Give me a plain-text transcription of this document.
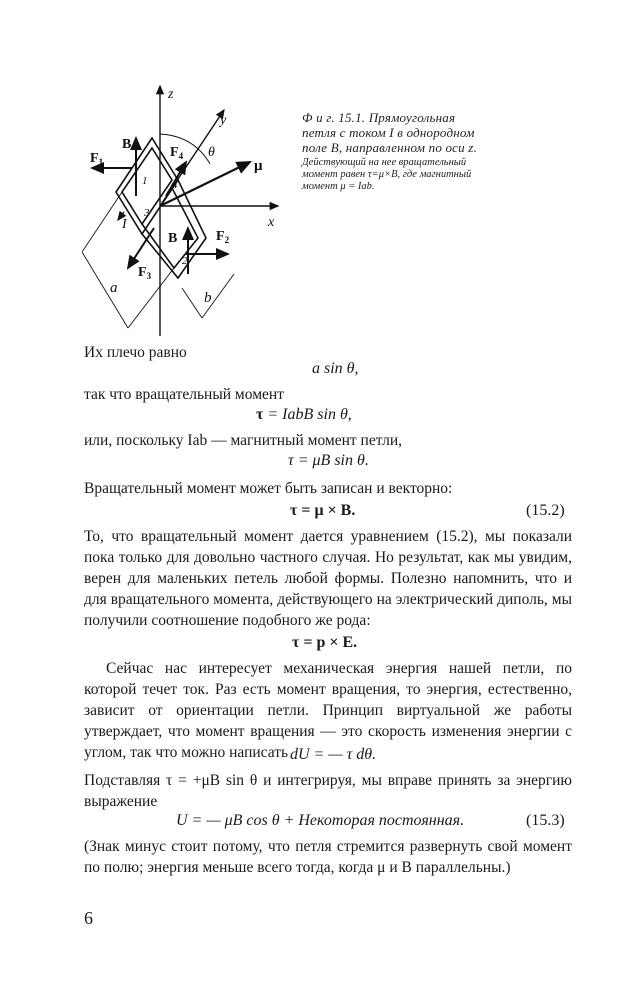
z
y
x
θ
μ
B
B
$F_1$
$F_2$
$F_3$
$F_4$
I
1
2
3
4
a
b
Ф и г. 15.1. Прямоугольная петля с током I в однородном поле B, направленном по оси z.
Действующий на нее вращательный момент равен τ=μ×B, где магнитный момент μ = Iab.
Их плечо равно
a sin θ,
так что вращательный момент
τ = IabB sin θ,
или, поскольку Iab — магнитный момент петли,
τ = μB sin θ.
Вращательный момент может быть записан и векторно:
τ = μ × B.	(15.2)
То, что вращательный момент дается уравнением (15.2), мы показали пока только для довольно частного случая. Но результат, как мы увидим, верен для маленьких петель любой формы. Полезно напомнить, что и для вращательного момента, действующего на электрический диполь, мы получили соотношение подобного же рода:
τ = p × E.
Сейчас нас интересует механическая энергия нашей петли, по которой течет ток. Раз есть момент вращения, то энергия, естественно, зависит от ориентации петли. Принцип виртуальной же работы утверждает, что момент вращения — это скорость изменения энергии с углом, так что можно написать dU = — τ dθ.
Подставляя τ = +μB sin θ и интегрируя, мы вправе принять за энергию выражение
U = — μB cos θ + Некоторая постоянная.	(15.3)
(Знак минус стоит потому, что петля стремится развернуть свой момент по полю; энергия меньше всего тогда, когда μ и B параллельны.)
6
